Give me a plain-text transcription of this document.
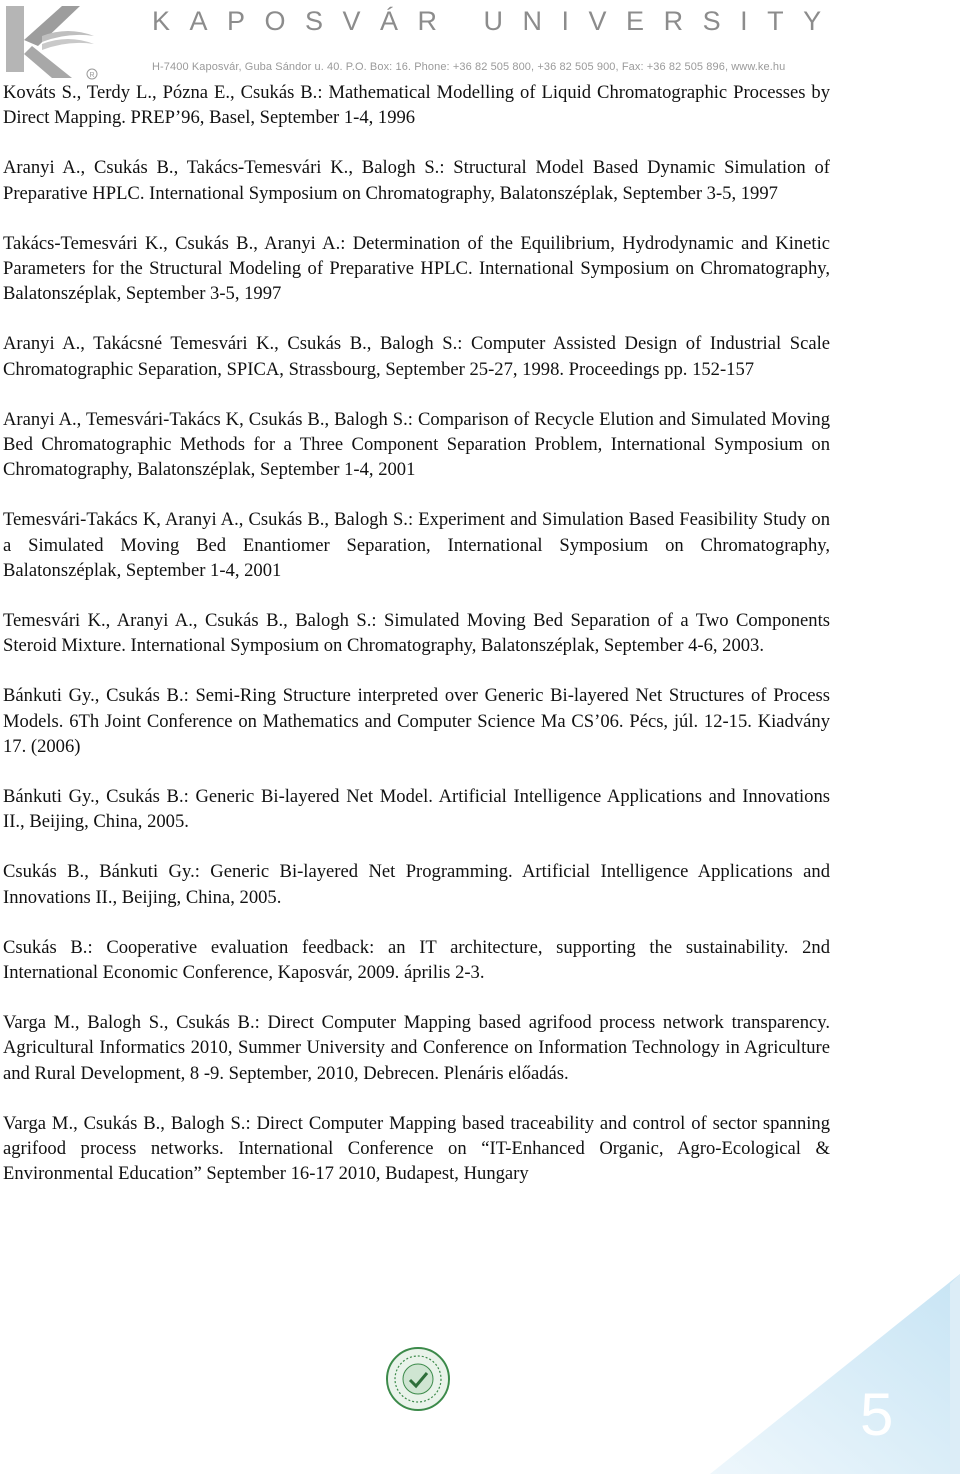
R
KAPOSVÁR UNIVERSITY
H-7400 Kaposvár, Guba Sándor u. 40. P.O. Box: 16. Phone: +36 82 505 800, +36 82 505 900, Fax: +36 82 505 896, www.ke.hu

Kováts S., Terdy L., Pózna E., Csukás B.: Mathematical Modelling of Liquid Chromatographic Processes by Direct Mapping. PREP’96, Basel, September 1-4, 1996

Aranyi A., Csukás B., Takács-Temesvári K., Balogh S.: Structural Model Based Dynamic Simulation of Preparative HPLC. International Symposium on Chromatography, Balatonszéplak, September 3-5, 1997

Takács-Temesvári K., Csukás B., Aranyi A.: Determination of the Equilibrium, Hydrodynamic and Kinetic Parameters for the Structural Modeling of Preparative HPLC. International Symposium on Chromatography, Balatonszéplak, September 3-5, 1997

Aranyi A., Takácsné Temesvári K., Csukás B., Balogh S.: Computer Assisted Design of Industrial Scale Chromatographic Separation, SPICA, Strassbourg, September 25-27, 1998. Proceedings pp. 152-157

Aranyi A., Temesvári-Takács K, Csukás B., Balogh S.: Comparison of Recycle Elution and Simulated Moving Bed Chromatographic Methods for a Three Component Separation Problem, International Symposium on Chromatography, Balatonszéplak, September 1-4, 2001

Temesvári-Takács K, Aranyi A., Csukás B., Balogh S.: Experiment and Simulation Based Feasibility Study on a Simulated Moving Bed Enantiomer Separation, International Symposium on Chromatography, Balatonszéplak, September 1-4, 2001

Temesvári K., Aranyi A., Csukás B., Balogh S.: Simulated Moving Bed Separation of a Two Components Steroid Mixture. International Symposium on Chromatography, Balatonszéplak, September 4-6, 2003.

Bánkuti Gy., Csukás B.: Semi-Ring Structure interpreted over Generic Bi-layered Net Structures of Process Models. 6Th Joint Conference on Mathematics and Computer Science Ma CS’06. Pécs, júl. 12-15. Kiadvány 17. (2006)

Bánkuti Gy., Csukás B.: Generic Bi-layered Net Model. Artificial Intelligence Applications and Innovations II., Beijing, China, 2005.

Csukás B., Bánkuti Gy.: Generic Bi-layered Net Programming. Artificial Intelligence Applications and Innovations II., Beijing, China, 2005.

Csukás B.: Cooperative evaluation feedback: an IT architecture, supporting the sustainability. 2nd International Economic Conference, Kaposvár, 2009. április 2-3.

Varga M., Balogh S., Csukás B.: Direct Computer Mapping based agrifood process network transparency. Agricultural Informatics 2010, Summer University and Conference on Information Technology in Agriculture and Rural Development, 8 -9. September, 2010, Debrecen. Plenáris előadás.

Varga M., Csukás B., Balogh S.: Direct Computer Mapping based traceability and control of sector spanning agrifood process networks. International Conference on “IT-Enhanced Organic, Agro-Ecological & Environmental Education” September 16-17 2010, Budapest, Hungary

5
